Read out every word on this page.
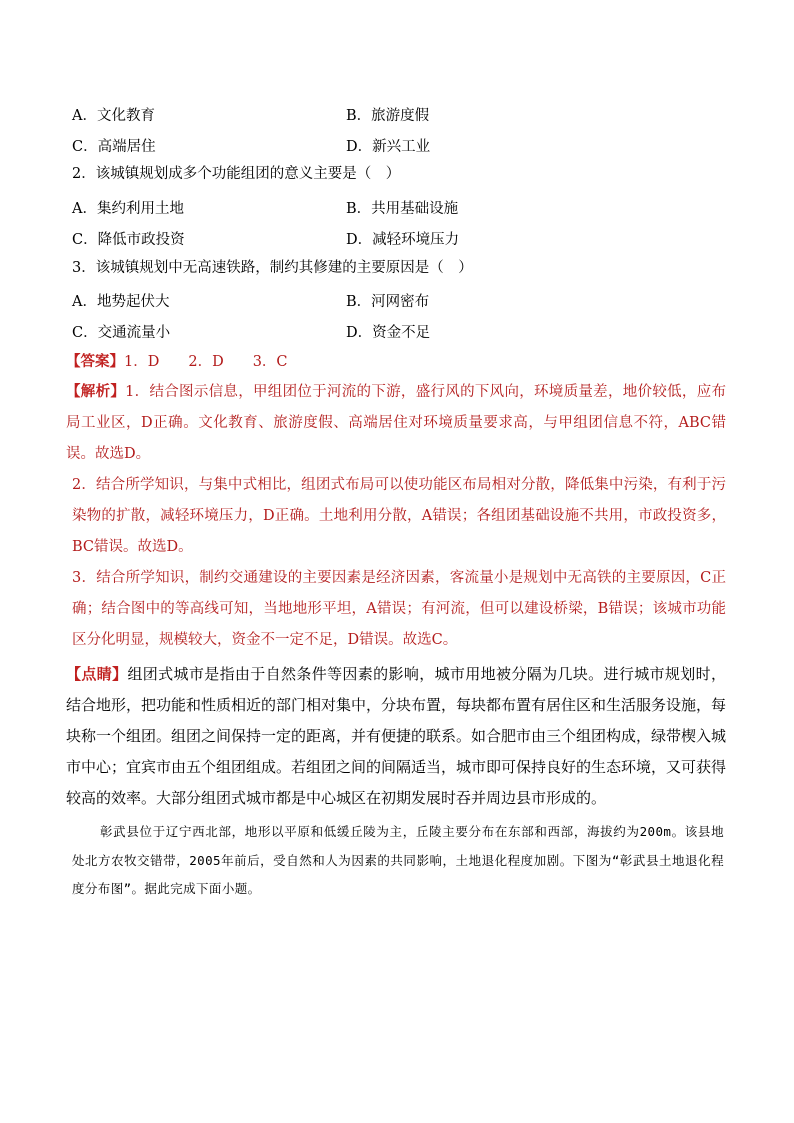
A．文化教育	B．旅游度假
C．高端居住	D．新兴工业
2．该城镇规划成多个功能组团的意义主要是（　）
A．集约利用土地	B．共用基础设施
C．降低市政投资	D．减轻环境压力
3．该城镇规划中无高速铁路，制约其修建的主要原因是（　）
A．地势起伏大	B．河网密布
C．交通流量小	D．资金不足
【答案】1．D　　2．D　　3．C

【解析】1．结合图示信息，甲组团位于河流的下游，盛行风的下风向，环境质量差，地价较低，应布局工业区，D正确。文化教育、旅游度假、高端居住对环境质量要求高，与甲组团信息不符，ABC错误。故选D。

2．结合所学知识，与集中式相比，组团式布局可以使功能区布局相对分散，降低集中污染，有利于污染物的扩散，减轻环境压力，D正确。土地利用分散，A错误；各组团基础设施不共用，市政投资多，BC错误。故选D。

3．结合所学知识，制约交通建设的主要因素是经济因素，客流量小是规划中无高铁的主要原因，C正确；结合图中的等高线可知，当地地形平坦，A错误；有河流，但可以建设桥梁，B错误；该城市功能区分化明显，规模较大，资金不一定不足，D错误。故选C。

【点睛】组团式城市是指由于自然条件等因素的影响，城市用地被分隔为几块。进行城市规划时，结合地形，把功能和性质相近的部门相对集中，分块布置，每块都布置有居住区和生活服务设施，每块称一个组团。组团之间保持一定的距离，并有便捷的联系。如合肥市由三个组团构成，绿带楔入城市中心；宜宾市由五个组团组成。若组团之间的间隔适当，城市即可保持良好的生态环境，又可获得较高的效率。大部分组团式城市都是中心城区在初期发展时吞并周边县市形成的。

彰武县位于辽宁西北部，地形以平原和低缓丘陵为主，丘陵主要分布在东部和西部，海拔约为200m。该县地处北方农牧交错带，2005年前后，受自然和人为因素的共同影响，土地退化程度加剧。下图为“彰武县土地退化程度分布图”。据此完成下面小题。
